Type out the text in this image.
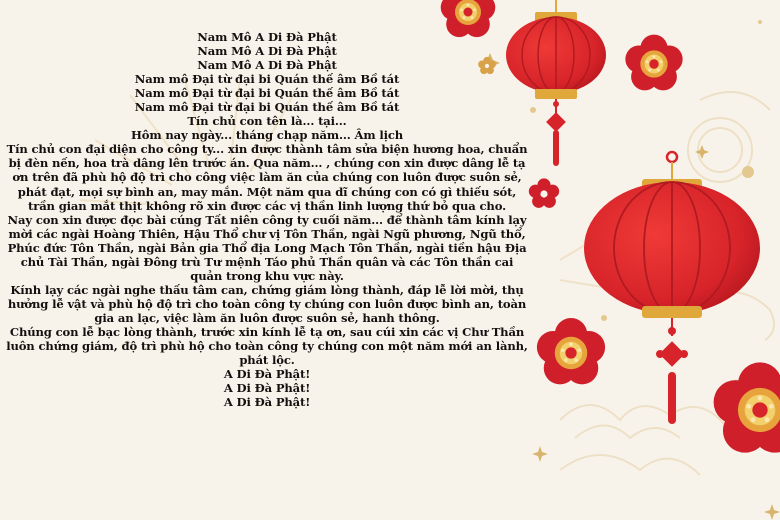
Nam Mô A Di Đà Phật

Nam Mô A Di Đà Phật

Nam Mô A Di Đà Phật

Nam mô Đại từ đại bi Quán thế âm Bồ tát

Nam mô Đại từ đại bi Quán thế âm Bồ tát

Nam mô Đại từ đại bi Quán thế âm Bồ tát

Tín chủ con tên là... tại...

Hôm nay ngày... tháng chạp năm... Âm lịch

Tín chủ con đại diện cho công ty... xin được thành tâm sửa biện hương hoa, chuẩn bị đèn nến, hoa trà dâng lên trước án. Qua năm... , chúng con xin được dâng lễ tạ ơn trên đã phù hộ độ trì cho công việc làm ăn của chúng con luôn được suôn sẻ, phát đạt, mọi sự bình an, may mắn. Một năm qua dĩ chúng con có gì thiếu sót, trần gian mắt thịt không rõ xin được các vị thần linh lượng thứ bỏ qua cho.

Nay con xin được đọc bài cúng Tất niên công ty cuối năm... để thành tâm kính lạy mời các ngài Hoàng Thiên, Hậu Thổ chư vị Tôn Thần, ngài Ngũ phương, Ngũ thổ, Phúc đức Tôn Thần, ngài Bản gia Thổ địa Long Mạch Tôn Thần, ngài tiền hậu Địa chủ Tài Thần, ngài Đông trù Tư mệnh Táo phủ Thần quân và các Tôn thần cai quản trong khu vực này.

Kính lạy các ngài nghe thấu tâm can, chứng giám lòng thành, đáp lễ lời mời, thụ hưởng lễ vật và phù hộ độ trì cho toàn công ty chúng con luôn được bình an, toàn gia an lạc, việc làm ăn luôn được suôn sẻ, hanh thông.

Chúng con lễ bạc lòng thành, trước xin kính lễ tạ ơn, sau cúi xin các vị Chư Thần luôn chứng giám, độ trì phù hộ cho toàn công ty chúng con một năm mới an lành, phát lộc.

A Di Đà Phật!

A Di Đà Phật!

A Di Đà Phật!
